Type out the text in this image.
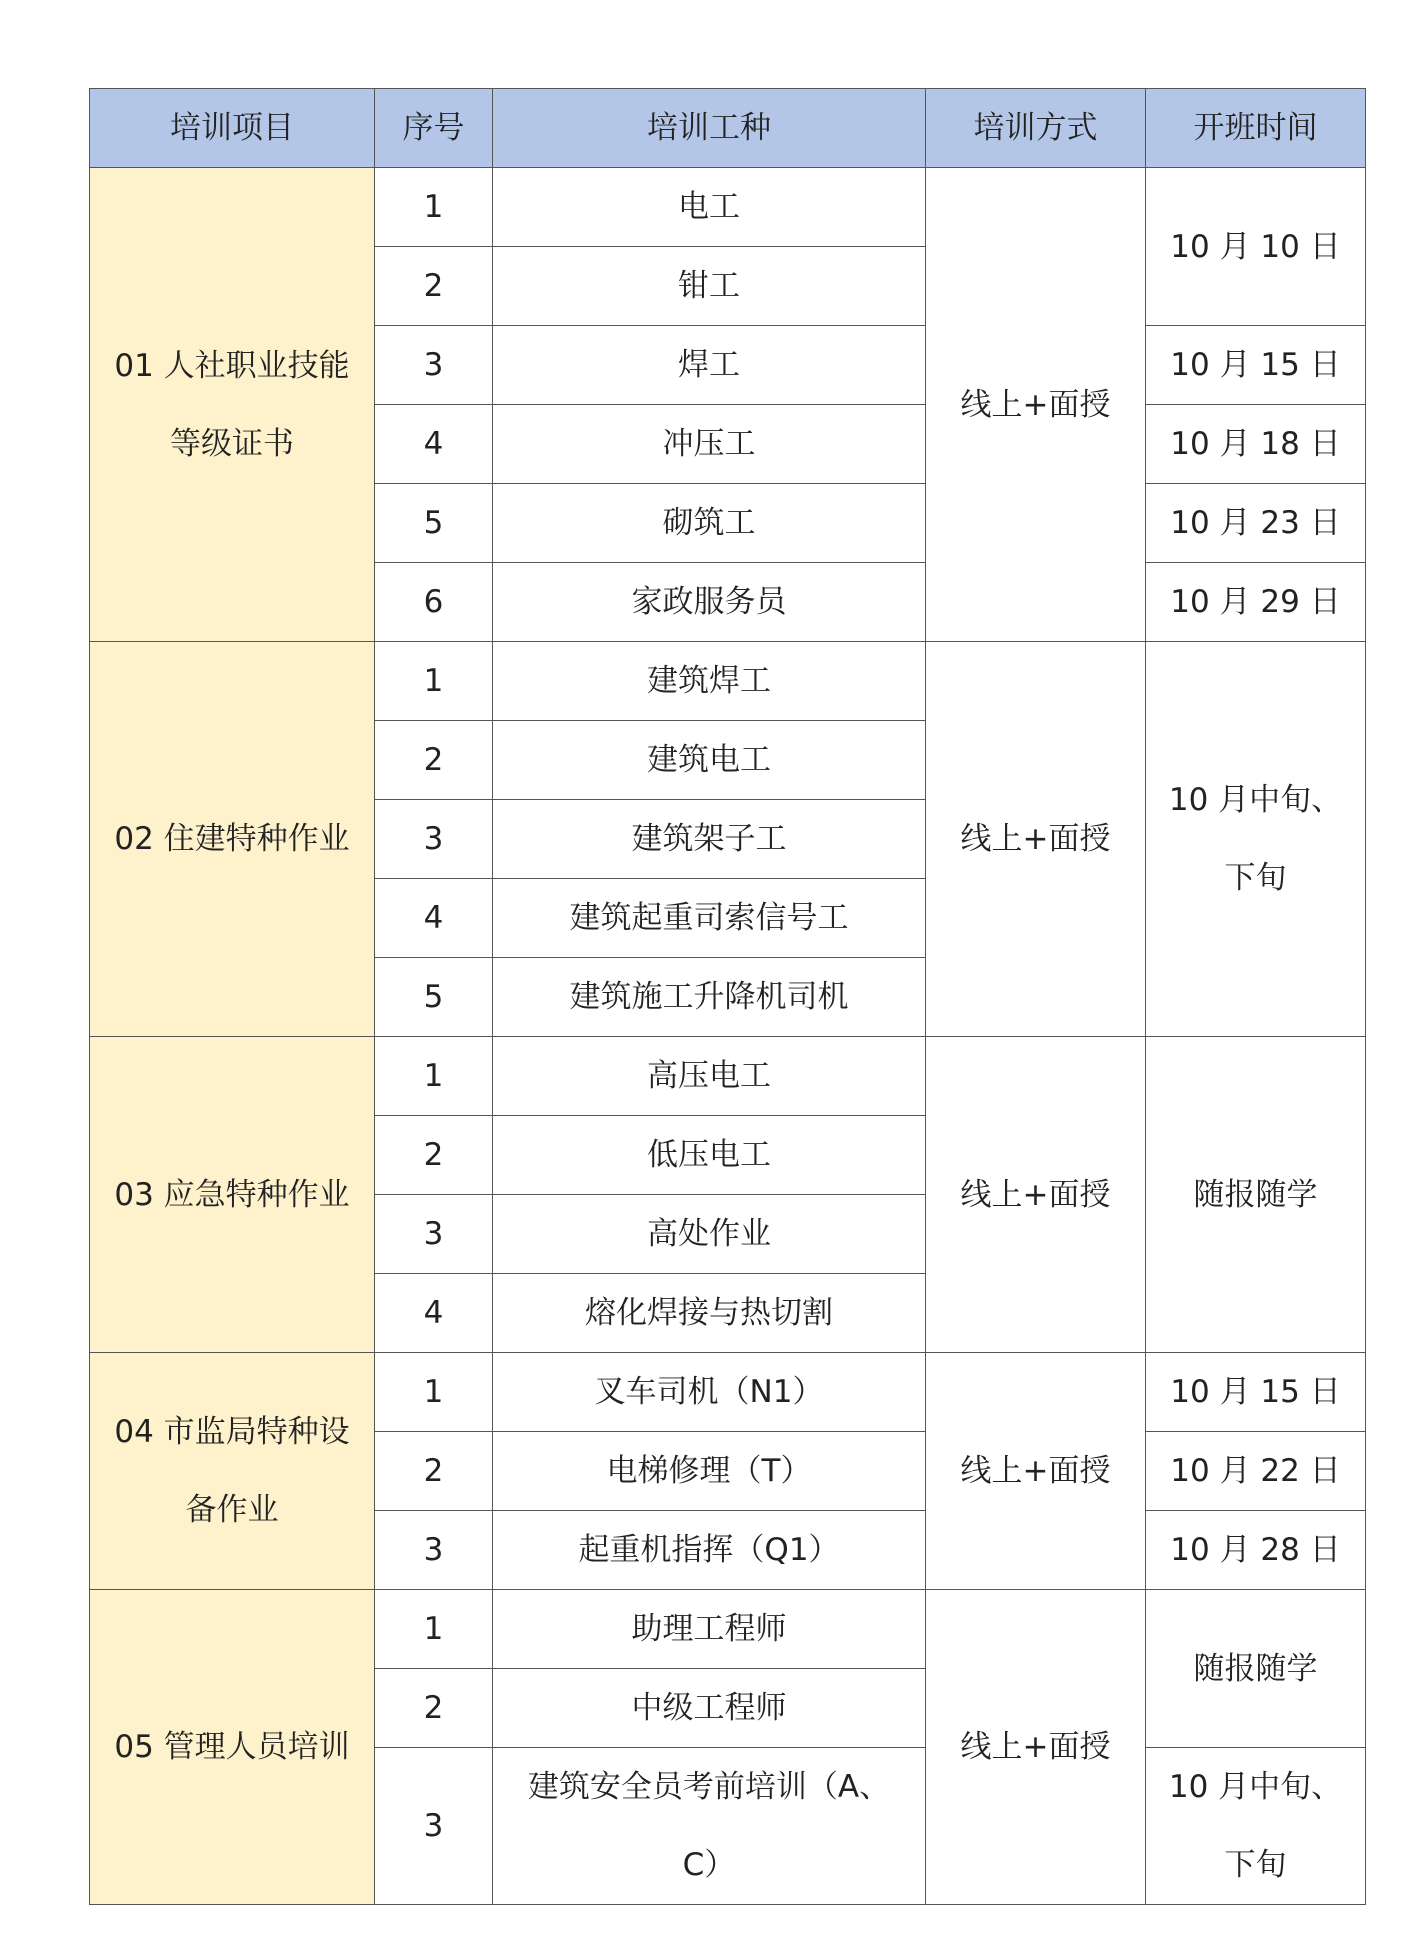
培训项目	序号	培训工种	培训方式	开班时间

01 人社职业技能
等级证书	1	电工	线上+面授	10 月 10 日
	2	钳工		
	3	焊工		10 月 15 日
	4	冲压工		10 月 18 日
	5	砌筑工		10 月 23 日
	6	家政服务员		10 月 29 日

02 住建特种作业	1	建筑焊工	线上+面授	10 月中旬、
下旬

	2	建筑电工		
	3	建筑架子工		
	4	建筑起重司索信号工		
	5	建筑施工升降机司机		

03 应急特种作业	1	高压电工	线上+面授	随报随学
	2	低压电工		
	3	高处作业		
	4	熔化焊接与热切割		

04 市监局特种设
备作业	1	叉车司机（N1）	线上+面授	10 月 15 日
	2	电梯修理（T）		10 月 22 日
	3	起重机指挥（Q1）		10 月 28 日

05 管理人员培训	1	助理工程师	线上+面授	随报随学
	2	中级工程师		
	3	建筑安全员考前培训（A、
C）		10 月中旬、
下旬
